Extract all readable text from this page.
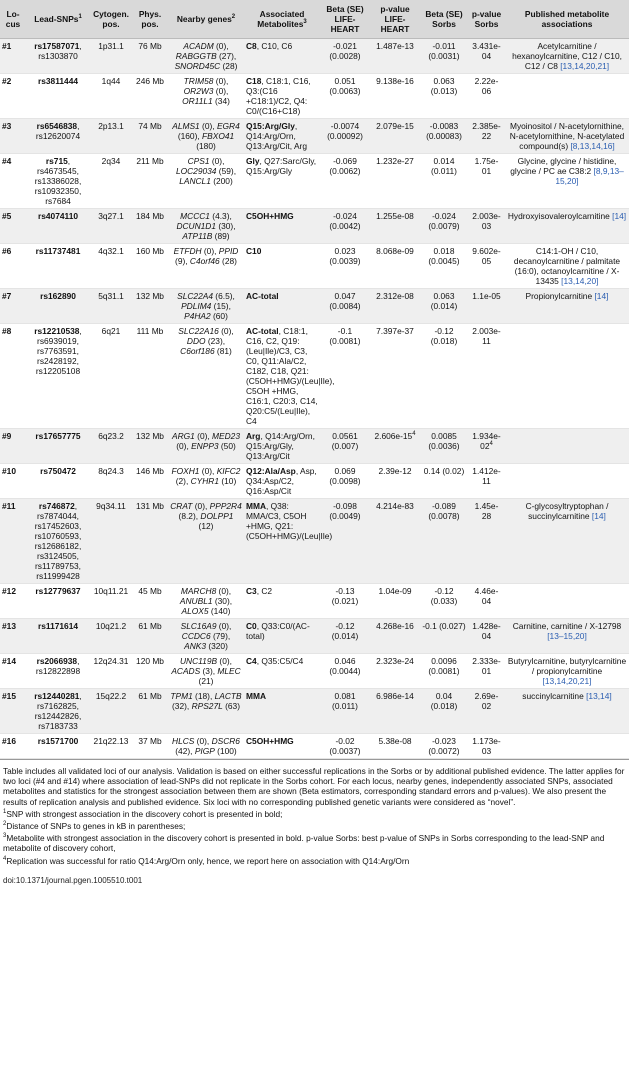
Lo-cus	Lead-SNPs$^1$	Cytogen. pos.	Phys. pos.	Nearby genes$^2$	Associated Metabolites$^3$	Beta (SE) LIFE-HEART	p-value LIFE-HEART	Beta (SE) Sorbs	p-value Sorbs	Published metabolite associations
#1	rs17587071, rs1303870	1p31.1	76 Mb	ACADM (0), RABGGTB (27), SNORD45C (28)	C8, C10, C6	-0.021 (0.0028)	1.487e-13	-0.011 (0.0031)	3.431e-04	Acetylcarnitine / hexanoylcarnitine, C12 / C10, C12 / C8 [13,14,20,21]
#2	rs3811444	1q44	246 Mb	TRIM58 (0), OR2W3 (0), OR11L1 (34)	C18, C18:1, C16, Q3:(C16 +C18:1)/C2, Q4: C0/(C16+C18)	0.051 (0.0063)	9.138e-16	0.063 (0.013)	2.22e-06	
#3	rs6546838, rs12620074	2p13.1	74 Mb	ALMS1 (0), EGR4 (160), FBXO41 (180)	Q15:Arg/Gly, Q14:Arg/Orn, Q13:Arg/Cit, Arg	-0.0074 (0.00092)	2.079e-15	-0.0083 (0.00083)	2.385e-22	Myoinositol / N-acetylornithine, N-acetylornithine, N-acetylated compound(s) [8,13,14,16]
#4	rs715, rs4673545, rs13386028, rs10932350, rs7684	2q34	211 Mb	CPS1 (0), LOC29034 (59), LANCL1 (200)	Gly, Q27:Sarc/Gly, Q15:Arg/Gly	-0.069 (0.0062)	1.232e-27	0.014 (0.011)	1.75e-01	Glycine, glycine / histidine, glycine / PC ae C38:2 [8,9,13–15,20]
#5	rs4074110	3q27.1	184 Mb	MCCC1 (4.3), DCUN1D1 (30), ATP11B (89)	C5OH+HMG	-0.024 (0.0042)	1.255e-08	-0.024 (0.0079)	2.003e-03	Hydroxyisovaleroylcarnitine [14]
#6	rs11737481	4q32.1	160 Mb	ETFDH (0), PPID (9), C4orf46 (28)	C10	0.023 (0.0039)	8.068e-09	0.018 (0.0045)	9.602e-05	C14:1-OH / C10, decanoylcarnitine / palmitate (16:0), octanoylcarnitine / X-13435 [13,14,20]
#7	rs162890	5q31.1	132 Mb	SLC22A4 (6.5), PDLIM4 (15), P4HA2 (60)	AC-total	0.047 (0.0084)	2.312e-08	0.063 (0.014)	1.1e-05	Propionylcarnitine [14]
#8	rs12210538, rs6939019, rs7763591, rs2428192, rs12205108	6q21	111 Mb	SLC22A16 (0), DDO (23), C6orf186 (81)	AC-total, C18:1, C16, C2, Q19:(Leu|Ile)/C3, C3, C0, Q11:Ala/C2, C182, C18, Q21:(C5OH+HMG)/(Leu|Ile), C5OH +HMG, C16:1, C20:3, C14, Q20:C5/(Leu|Ile), C4	-0.1 (0.0081)	7.397e-37	-0.12 (0.018)	2.003e-11	
#9	rs17657775	6q23.2	132 Mb	ARG1 (0), MED23 (0), ENPP3 (50)	Arg, Q14:Arg/Orn, Q15:Arg/Gly, Q13:Arg/Cit	0.0561 (0.007)	$2.606e-15^4$	0.0085 (0.0036)	$1.934e-02^4$	
#10	rs750472	8q24.3	146 Mb	FOXH1 (0), KIFC2 (2), CYHR1 (10)	Q12:Ala/Asp, Asp, Q34:Asp/C2, Q16:Asp/Cit	0.069 (0.0098)	2.39e-12	0.14 (0.02)	1.412e-11	
#11	rs746872, rs7874044, rs17452603, rs10760593, rs12686182, rs3124505, rs11789753, rs11999428	9q34.11	131 Mb	CRAT (0), PPP2R4 (8.2), DOLPP1 (12)	MMA, Q38: MMA/C3, C5OH +HMG, Q21:(C5OH+HMG)/(Leu|Ile)	-0.098 (0.0049)	4.214e-83	-0.089 (0.0078)	1.45e-28	C-glycosyltryptophan / succinylcarnitine [14]
#12	rs12779637	10q11.21	45 Mb	MARCH8 (0), ANUBL1 (30), ALOX5 (140)	C3, C2	-0.13 (0.021)	1.04e-09	-0.12 (0.033)	4.46e-04	
#13	rs1171614	10q21.2	61 Mb	SLC16A9 (0), CCDC6 (79), ANK3 (320)	C0, Q33:C0/(AC-total)	-0.12 (0.014)	4.268e-16	-0.1 (0.027)	1.428e-04	Carnitine, carnitine / X-12798 [13–15,20]
#14	rs2066938, rs12822898	12q24.31	120 Mb	UNC119B (0), ACADS (3), MLEC (21)	C4, Q35:C5/C4	0.046 (0.0044)	2.323e-24	0.0096 (0.0081)	2.333e-01	Butyrylcarnitine, butyrylcarnitine / propionylcarnitine [13,14,20,21]
#15	rs12440281, rs7162825, rs12442826, rs7183733	15q22.2	61 Mb	TPM1 (18), LACTB (32), RPS27L (63)	MMA	0.081 (0.011)	6.986e-14	0.04 (0.018)	2.69e-02	succinylcarnitine [13,14]
#16	rs1571700	21q22.13	37 Mb	HLCS (0), DSCR6 (42), PIGP (100)	C5OH+HMG	-0.02 (0.0037)	5.38e-08	-0.023 (0.0072)	1.173e-03	

Table includes all validated loci of our analysis. Validation is based on either successful replications in the Sorbs or by additional published evidence. The latter applies for two loci (#4 and #14) where association of lead-SNPs did not replicate in the Sorbs cohort. For each locus, nearby genes, independently associated SNPs, associated metabolites and statistics for the strongest association between them are shown (Beta estimators, corresponding standard errors and p-values). We also present the results of replication analysis and published evidence. Six loci with no corresponding published genetic variants were considered as “novel”.

$^1$SNP with strongest association in the discovery cohort is presented in bold;

$^2$Distance of SNPs to genes in kB in parentheses;

$^3$Metabolite with strongest association in the discovery cohort is presented in bold. p-value Sorbs: best p-value of SNPs in Sorbs corresponding to the lead-SNP and metabolite of discovery cohort,

$^4$Replication was successful for ratio Q14:Arg/Orn only, hence, we report here on association with Q14:Arg/Orn

doi:10.1371/journal.pgen.1005510.t001
